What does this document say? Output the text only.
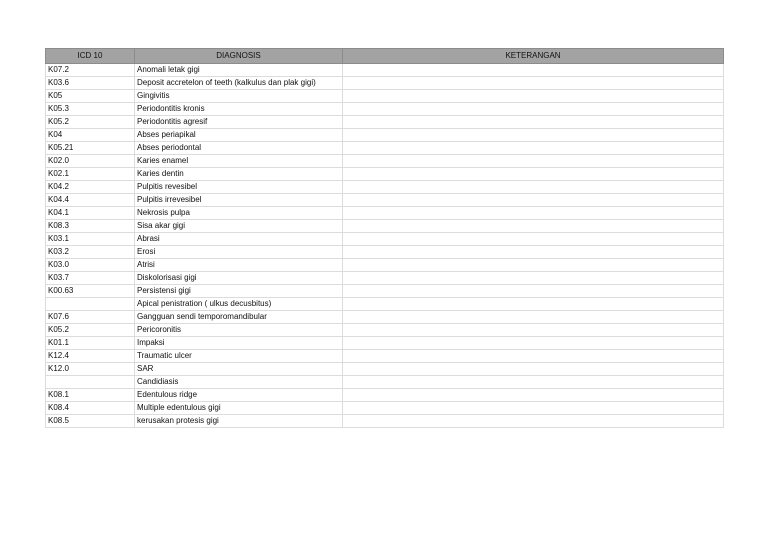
ICD 10	DIAGNOSIS	KETERANGAN
K07.2	Anomali letak gigi	
K03.6	Deposit accretelon of teeth (kalkulus dan plak gigi)	
K05	Gingivitis	
K05.3	Periodontitis kronis	
K05.2	Periodontitis agresif	
K04	Abses periapikal	
K05.21	Abses periodontal	
K02.0	Karies enamel	
K02.1	Karies dentin	
K04.2	Pulpitis revesibel	
K04.4	Pulpitis irrevesibel	
K04.1	Nekrosis pulpa	
K08.3	Sisa akar gigi	
K03.1	Abrasi	
K03.2	Erosi	
K03.0	Atrisi	
K03.7	Diskolorisasi gigi	
K00.63	Persistensi gigi	
	Apical penistration ( ulkus decusbitus)	
K07.6	Gangguan sendi temporomandibular	
K05.2	Pericoronitis	
K01.1	Impaksi	
K12.4	Traumatic ulcer	
K12.0	SAR	
	Candidiasis	
K08.1	Edentulous ridge	
K08.4	Multiple edentulous gigi	
K08.5	kerusakan protesis gigi	
